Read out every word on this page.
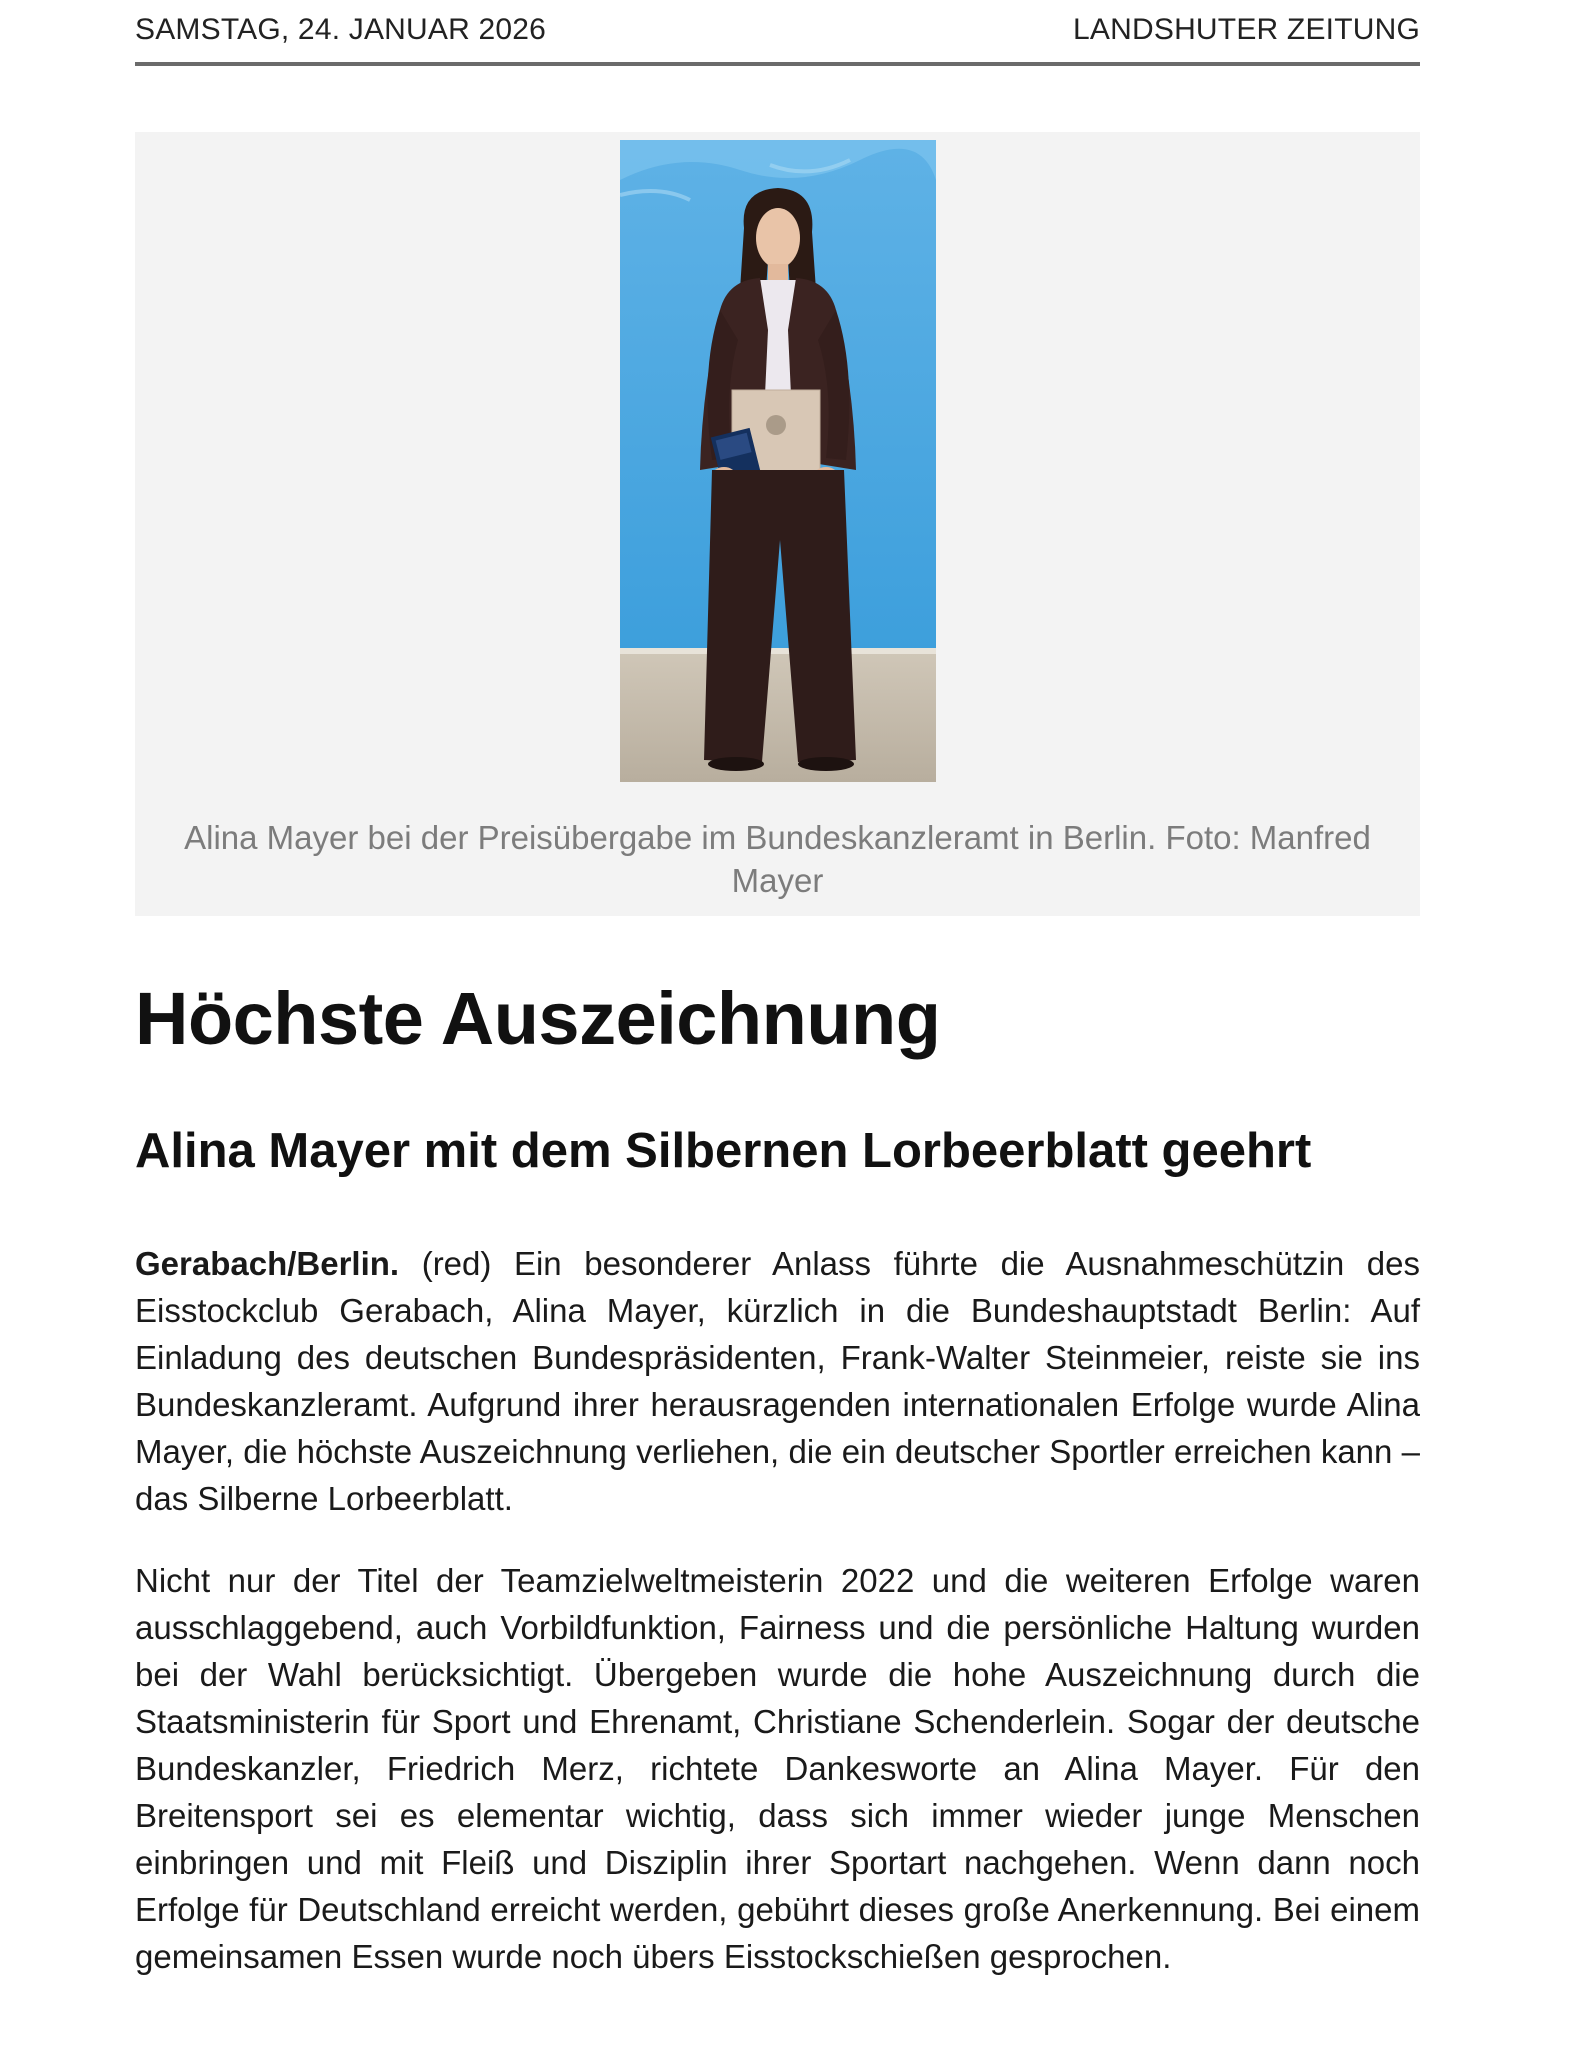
SAMSTAG, 24. JANUAR 2026	LANDSHUTER ZEITUNG
Alina Mayer bei der Preisübergabe im Bundeskanzleramt in Berlin. Foto: Manfred Mayer
Höchste Auszeichnung
Alina Mayer mit dem Silbernen Lorbeerblatt geehrt

Gerabach/Berlin. (red) Ein besonderer Anlass führte die Ausnahmeschützin des Eisstockclub Gerabach, Alina Mayer, kürzlich in die Bundeshauptstadt Berlin: Auf Einladung des deutschen Bundespräsidenten, Frank-Walter Steinmeier, reiste sie ins Bundeskanzleramt. Aufgrund ihrer herausragenden internationalen Erfolge wurde Alina Mayer, die höchste Auszeichnung verliehen, die ein deutscher Sportler erreichen kann – das Silberne Lorbeerblatt.

Nicht nur der Titel der Teamzielweltmeisterin 2022 und die weiteren Erfolge waren ausschlaggebend, auch Vorbildfunktion, Fairness und die persönliche Haltung wurden bei der Wahl berücksichtigt. Übergeben wurde die hohe Auszeichnung durch die Staatsministerin für Sport und Ehrenamt, Christiane Schenderlein. Sogar der deutsche Bundeskanzler, Friedrich Merz, richtete Dankesworte an Alina Mayer. Für den Breitensport sei es elementar wichtig, dass sich immer wieder junge Menschen einbringen und mit Fleiß und Disziplin ihrer Sportart nachgehen. Wenn dann noch Erfolge für Deutschland erreicht werden, gebührt dieses große Anerkennung. Bei einem gemeinsamen Essen wurde noch übers Eisstockschießen gesprochen.
